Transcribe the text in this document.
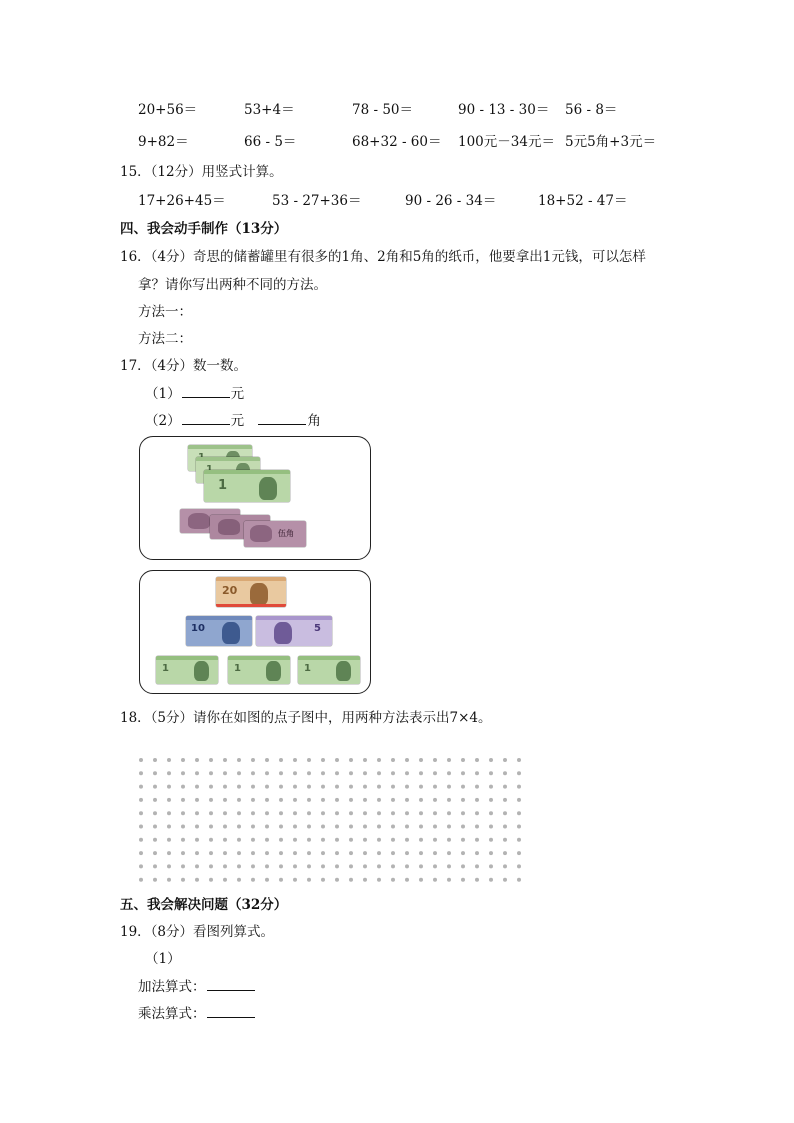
20+56＝	53+4＝	78 - 50＝	90 - 13 - 30＝ 56 - 8＝
9+82＝	66 - 5＝	68+32 - 60＝ 100元－34元＝ 5元5角+3元＝
15．（12分）用竖式计算。
17+26+45＝	53 - 27+36＝	90 - 26 - 34＝	18+52 - 47＝
四、我会动手制作（13分）
16．（4分）奇思的储蓄罐里有很多的1角、2角和5角的纸币，他要拿出1元钱，可以怎样
拿？请你写出两种不同的方法。
方法一：
方法二：
17．（4分）数一数。
（1）	元
（2）	元	角
1
伍角
20
10	5
1	1	1
18．（5分）请你在如图的点子图中，用两种方法表示出7×4。
五、我会解决问题（32分）
19．（8分）看图列算式。
（1）
加法算式：
乘法算式：
